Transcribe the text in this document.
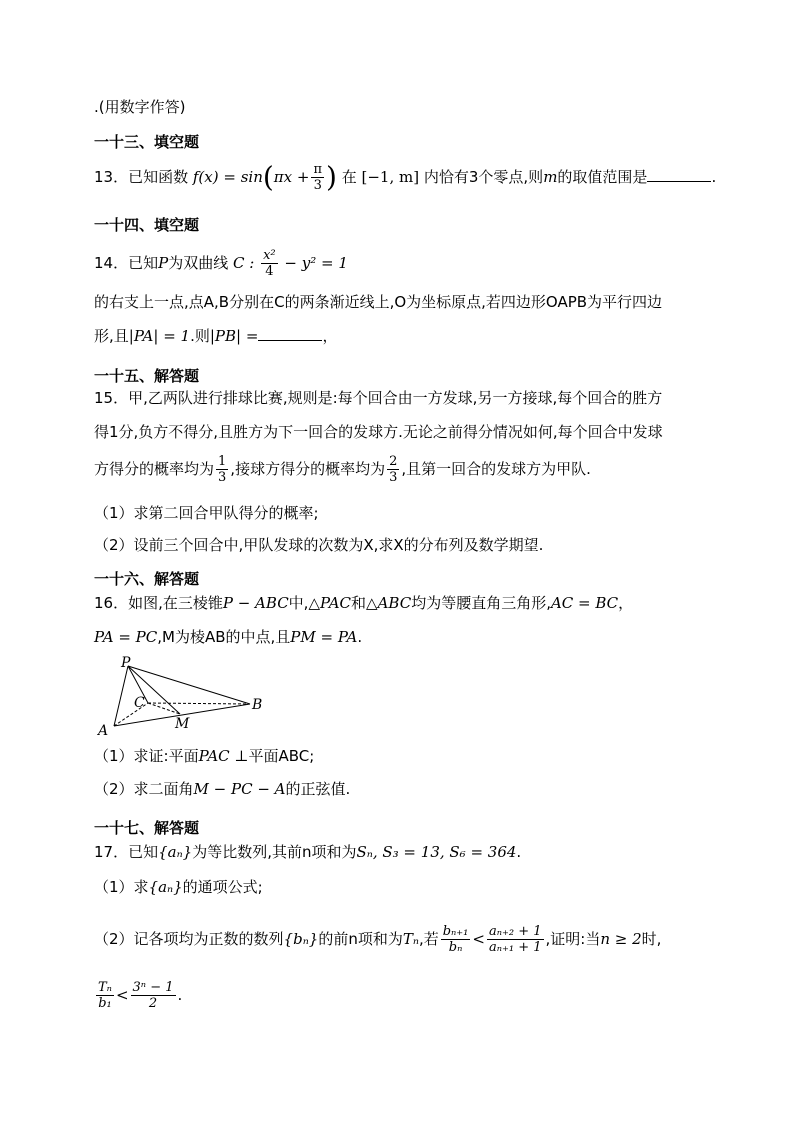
.(用数字作答)
一十三、填空题
13．已知函数 $f(x) = \sin(\pi x + \frac{\pi}{3}$ ) 在 [−1, m] 内恰有3个零点,则m的取值范围是	.
一十四、填空题
14．已知P为双曲线 C : $\frac{\text{x²}}{4} - y^2 = 1$
的右支上一点,点A,B分别在C的两条渐近线上,O为坐标原点,若四边形OAPB为平行四边
形,且|PA| = 1.则|PB| =	，
一十五、解答题
15．甲,乙两队进行排球比赛,规则是:每个回合由一方发球,另一方接球,每个回合的胜方
得1分,负方不得分,且胜方为下一回合的发球方.无论之前得分情况如何,每个回合中发球
方得分的概率均为 $\frac{1}{3}$ ,接球方得分的概率均为 $\frac{2}{3}$ ,且第一回合的发球方为甲队.
（1）求第二回合甲队得分的概率;
（2）设前三个回合中,甲队发球的次数为X,求X的分布列及数学期望.
一十六、解答题
16．如图,在三棱锥P − ABC中,△PAC和△ABC均为等腰直角三角形,AC = BC，
PA = PC,M为棱AB的中点,且PM = PA.
P
C
M
A
B
（1）求证:平面PAC ⊥平面ABC;
（2）求二面角M − PC − A的正弦值.
一十七、解答题
17．已知{aₙ}为等比数列,其前n项和为Sₙ, S₃ = 13, S₆ = 364.
（1）求{aₙ}的通项公式;
（2）记各项均为正数的数列{bₙ}的前n项和为Tₙ,若 $\frac{\text{bₙ₊₁}}{\text{bₙ}} < \frac{\text{aₙ₊₂ + 1}}{\text{aₙ₊₁ + 1}}$ ,证明:当n ≥ 2时,
$\frac{\text{Tₙ}}{\text{b₁}} < \frac{\text{3ⁿ − 1}}{2}$ .
